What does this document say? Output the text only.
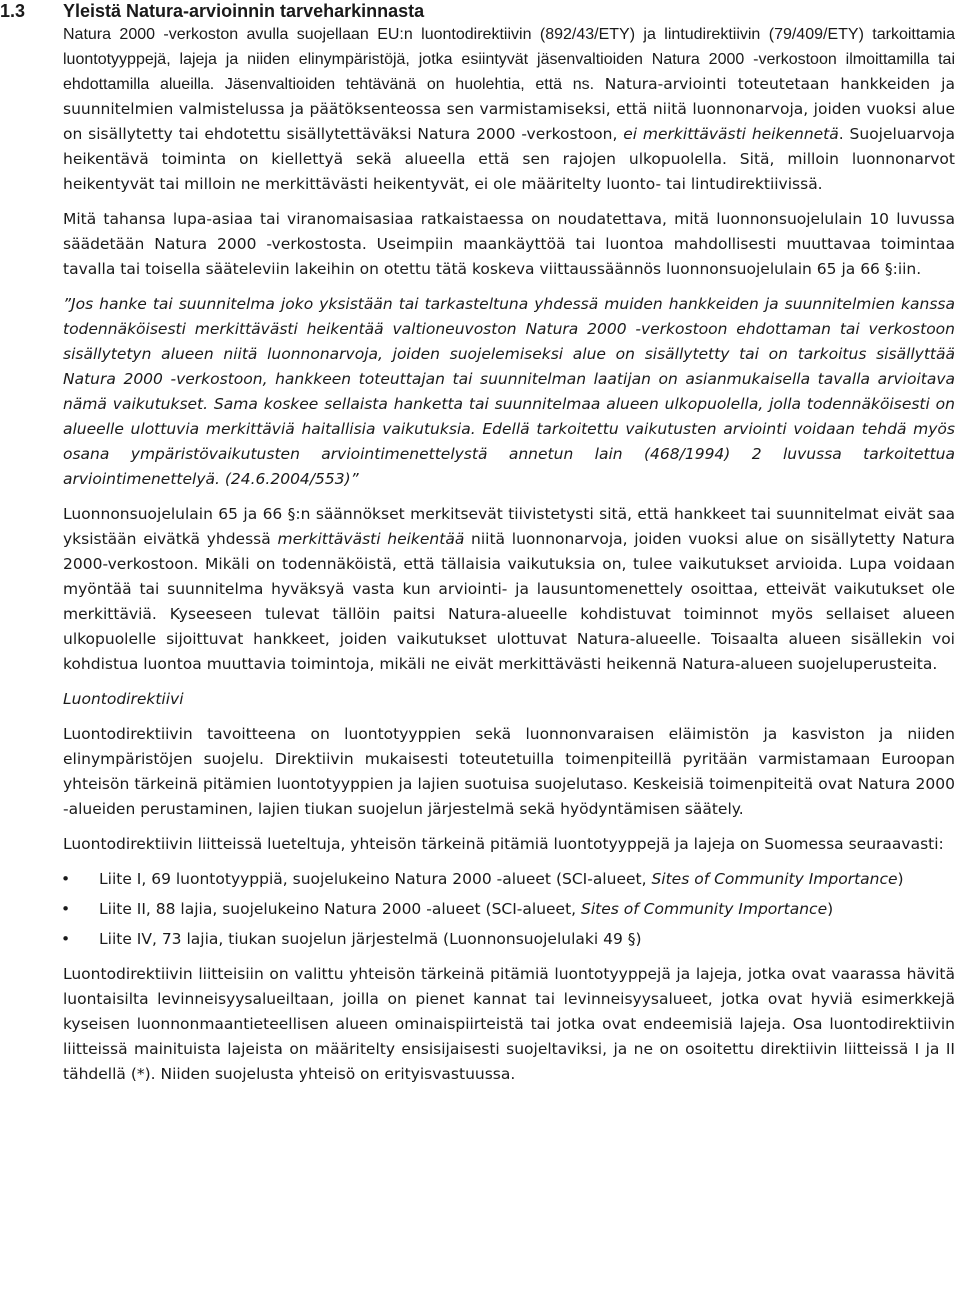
1.3 Yleistä Natura-arvioinnin tarveharkinnasta

Natura 2000 -verkoston avulla suojellaan EU:n luontodirektiivin (892/43/ETY) ja lintudirektiivin (79/409/ETY) tarkoittamia luontotyyppejä, lajeja ja niiden elinympäristöjä, jotka esiintyvät jäsenvaltioiden Natura 2000 -verkostoon ilmoittamilla tai ehdottamilla alueilla. Jäsenvaltioiden tehtävänä on huolehtia, että ns. Natura-arviointi toteutetaan hankkeiden ja suunnitelmien valmistelussa ja päätöksenteossa sen varmistamiseksi, että niitä luonnonarvoja, joiden vuoksi alue on sisällytetty tai ehdotettu sisällytettäväksi Natura 2000 -verkostoon, ei merkittävästi heikennetä. Suojeluarvoja heikentävä toiminta on kiellettyä sekä alueella että sen rajojen ulkopuolella. Sitä, milloin luonnonarvot heikentyvät tai milloin ne merkittävästi heikentyvät, ei ole määritelty luonto- tai lintudirektiivissä.

Mitä tahansa lupa-asiaa tai viranomaisasiaa ratkaistaessa on noudatettava, mitä luonnonsuojelulain 10 luvussa säädetään Natura 2000 -verkostosta. Useimpiin maankäyttöä tai luontoa mahdollisesti muuttavaa toimintaa tavalla tai toisella sääteleviin lakeihin on otettu tätä koskeva viittaussäännös luonnonsuojelulain 65 ja 66 §:iin.

”Jos hanke tai suunnitelma joko yksistään tai tarkasteltuna yhdessä muiden hankkeiden ja suunnitelmien kanssa todennäköisesti merkittävästi heikentää valtioneuvoston Natura 2000 -verkostoon ehdottaman tai verkostoon sisällytetyn alueen niitä luonnonarvoja, joiden suojelemiseksi alue on sisällytetty tai on tarkoitus sisällyttää Natura 2000 -verkostoon, hankkeen toteuttajan tai suunnitelman laatijan on asianmukaisella tavalla arvioitava nämä vaikutukset. Sama koskee sellaista hanketta tai suunnitelmaa alueen ulkopuolella, jolla todennäköisesti on alueelle ulottuvia merkittäviä haitallisia vaikutuksia. Edellä tarkoitettu vaikutusten arviointi voidaan tehdä myös osana ympäristövaikutusten arviointimenettelystä annetun lain (468/1994) 2 luvussa tarkoitettua arviointimenettelyä. (24.6.2004/553)”

Luonnonsuojelulain 65 ja 66 §:n säännökset merkitsevät tiivistetysti sitä, että hankkeet tai suunnitelmat eivät saa yksistään eivätkä yhdessä merkittävästi heikentää niitä luonnonarvoja, joiden vuoksi alue on sisällytetty Natura 2000-verkostoon. Mikäli on todennäköistä, että tällaisia vaikutuksia on, tulee vaikutukset arvioida. Lupa voidaan myöntää tai suunnitelma hyväksyä vasta kun arviointi- ja lausuntomenettely osoittaa, etteivät vaikutukset ole merkittäviä. Kyseeseen tulevat tällöin paitsi Natura-alueelle kohdistuvat toiminnot myös sellaiset alueen ulkopuolelle sijoittuvat hankkeet, joiden vaikutukset ulottuvat Natura-alueelle. Toisaalta alueen sisällekin voi kohdistua luontoa muuttavia toimintoja, mikäli ne eivät merkittävästi heikennä Natura-alueen suojeluperusteita.

Luontodirektiivi

Luontodirektiivin tavoitteena on luontotyyppien sekä luonnonvaraisen eläimistön ja kasviston ja niiden elinympäristöjen suojelu. Direktiivin mukaisesti toteutetuilla toimenpiteillä pyritään varmistamaan Euroopan yhteisön tärkeinä pitämien luontotyyppien ja lajien suotuisa suojelutaso. Keskeisiä toimenpiteitä ovat Natura 2000 -alueiden perustaminen, lajien tiukan suojelun järjestelmä sekä hyödyntämisen säätely.

Luontodirektiivin liitteissä lueteltuja, yhteisön tärkeinä pitämiä luontotyyppejä ja lajeja on Suomessa seuraavasti:

• Liite I, 69 luontotyyppiä, suojelukeino Natura 2000 -alueet (SCI-alueet, Sites of Community Importance)
• Liite II, 88 lajia, suojelukeino Natura 2000 -alueet (SCI-alueet, Sites of Community Importance)
• Liite IV, 73 lajia, tiukan suojelun järjestelmä (Luonnonsuojelulaki 49 §)

Luontodirektiivin liitteisiin on valittu yhteisön tärkeinä pitämiä luontotyyppejä ja lajeja, jotka ovat vaarassa hävitä luontaisilta levinneisyysalueiltaan, joilla on pienet kannat tai levinneisyysalueet, jotka ovat hyviä esimerkkejä kyseisen luonnonmaantieteellisen alueen ominaispiirteistä tai jotka ovat endeemisiä lajeja. Osa luontodirektiivin liitteissä mainituista lajeista on määritelty ensisijaisesti suojeltaviksi, ja ne on osoitettu direktiivin liitteissä I ja II tähdellä (*). Niiden suojelusta yhteisö on erityisvastuussa.
